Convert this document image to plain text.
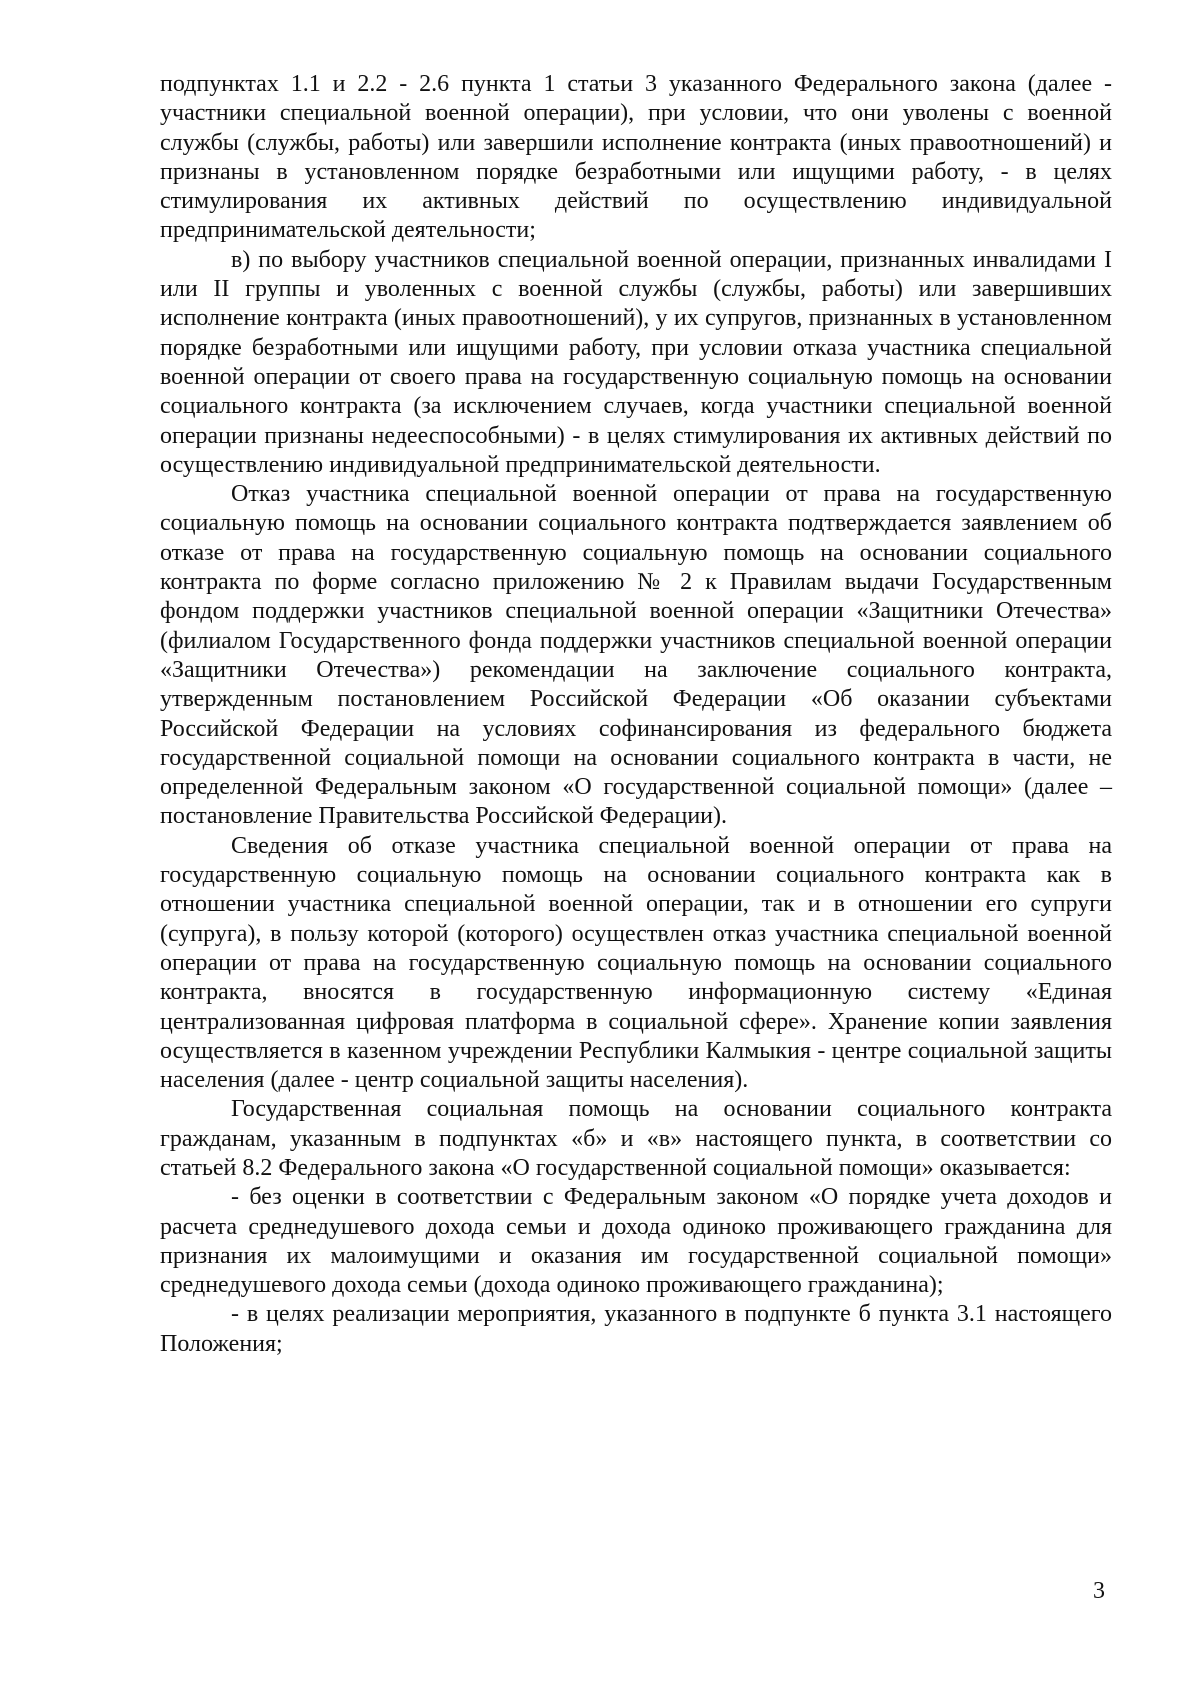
подпунктах 1.1 и 2.2 - 2.6 пункта 1 статьи 3 указанного Федерального закона (далее - участники специальной военной операции), при условии, что они уволены с военной службы (службы, работы) или завершили исполнение контракта (иных правоотношений) и признаны в установленном порядке безработными или ищущими работу, - в целях стимулирования их активных действий по осуществлению индивидуальной предпринимательской деятельности;

в) по выбору участников специальной военной операции, признанных инвалидами I или II группы и уволенных с военной службы (службы, работы) или завершивших исполнение контракта (иных правоотношений), у их супругов, признанных в установленном порядке безработными или ищущими работу, при условии отказа участника специальной военной операции от своего права на государственную социальную помощь на основании социального контракта (за исключением случаев, когда участники специальной военной операции признаны недееспособными) - в целях стимулирования их активных действий по осуществлению индивидуальной предпринимательской деятельности.

Отказ участника специальной военной операции от права на государственную социальную помощь на основании социального контракта подтверждается заявлением об отказе от права на государственную социальную помощь на основании социального контракта по форме согласно приложению № 2 к Правилам выдачи Государственным фондом поддержки участников специальной военной операции «Защитники Отечества» (филиалом Государственного фонда поддержки участников специальной военной операции «Защитники Отечества») рекомендации на заключение социального контракта, утвержденным постановлением Российской Федерации «Об оказании субъектами Российской Федерации на условиях софинансирования из федерального бюджета государственной социальной помощи на основании социального контракта в части, не определенной Федеральным законом «О государственной социальной помощи» (далее – постановление Правительства Российской Федерации).

Сведения об отказе участника специальной военной операции от права на государственную социальную помощь на основании социального контракта как в отношении участника специальной военной операции, так и в отношении его супруги (супруга), в пользу которой (которого) осуществлен отказ участника специальной военной операции от права на государственную социальную помощь на основании социального контракта, вносятся в государственную информационную систему «Единая централизованная цифровая платформа в социальной сфере». Хранение копии заявления осуществляется в казенном учреждении Республики Калмыкия - центре социальной защиты населения (далее - центр социальной защиты населения).

Государственная социальная помощь на основании социального контракта гражданам, указанным в подпунктах «б» и «в» настоящего пункта, в соответствии со статьей 8.2 Федерального закона «О государственной социальной помощи» оказывается:

- без оценки в соответствии с Федеральным законом «О порядке учета доходов и расчета среднедушевого дохода семьи и дохода одиноко проживающего гражданина для признания их малоимущими и оказания им государственной социальной помощи» среднедушевого дохода семьи (дохода одиноко проживающего гражданина);

- в целях реализации мероприятия, указанного в подпункте б пункта 3.1 настоящего Положения;

3
